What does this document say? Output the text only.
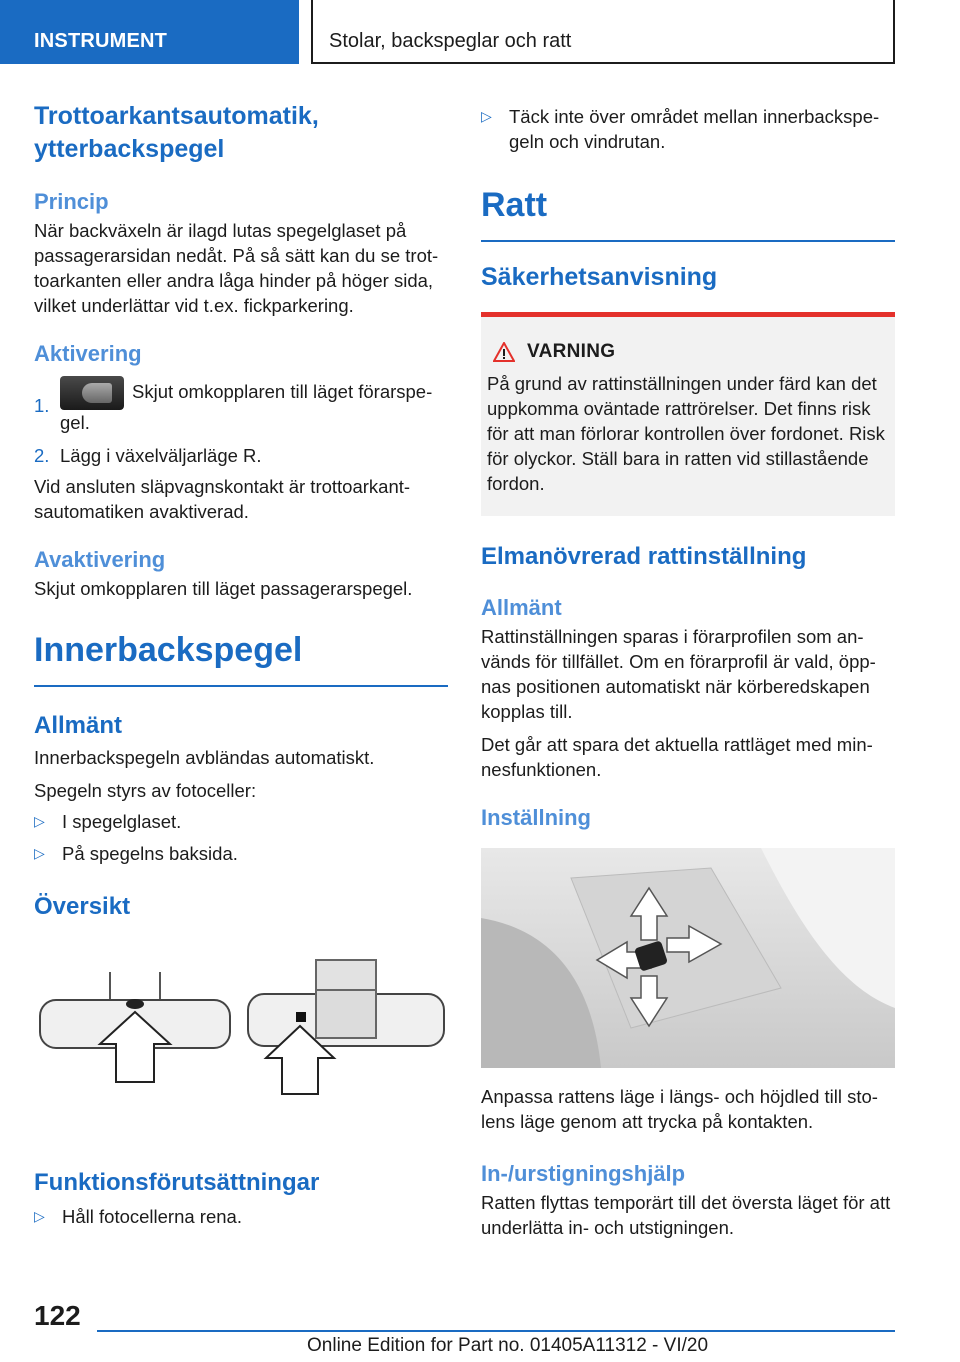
INSTRUMENT	Stolar, backspeglar och ratt
Trottoarkantsautomatik, ytterbackspegel
Princip

När backväxeln är ilagd lutas spegelglaset på passagerarsidan nedåt. På så sätt kan du se trottoarkanten eller andra låga hinder på höger sida, vilket underlättar vid t.ex. fickparkering.

Aktivering
1.
Skjut omkopplaren till läget förarspegel.
2. Lägg i växelväljarläge R.

Vid ansluten släpvagnskontakt är trottoarkantsautomatiken avaktiverad.

Avaktivering

Skjut omkopplaren till läget passagerarspegel.

Innerbackspegel
Allmänt

Innerbackspegeln avbländas automatiskt.

Spegeln styrs av fotoceller:

▷ I spegelglaset.
▷ På spegelns baksida.
Översikt
Funktionsförutsättningar
▷ Håll fotocellerna rena.
▷ Täck inte över området mellan innerbackspegeln och vindrutan.
Ratt
Säkerhetsanvisning
VARNING

På grund av rattinställningen under färd kan det uppkomma oväntade rattrörelser. Det finns risk för att man förlorar kontrollen över fordonet. Risk för olyckor. Ställ bara in ratten vid stillastående fordon.

Elmanövrerad rattinställning
Allmänt

Rattinställningen sparas i förarprofilen som används för tillfället. Om en förarprofil är vald, öppnas positionen automatiskt när körberedskapen kopplas till.

Det går att spara det aktuella rattläget med minnesfunktionen.

Inställning

Anpassa rattens läge i längs- och höjdled till stolens läge genom att trycka på kontakten.

In-/urstigningshjälp

Ratten flyttas temporärt till det översta läget för att underlätta in- och utstigningen.

122
Online Edition for Part no. 01405A11312 - VI/20
